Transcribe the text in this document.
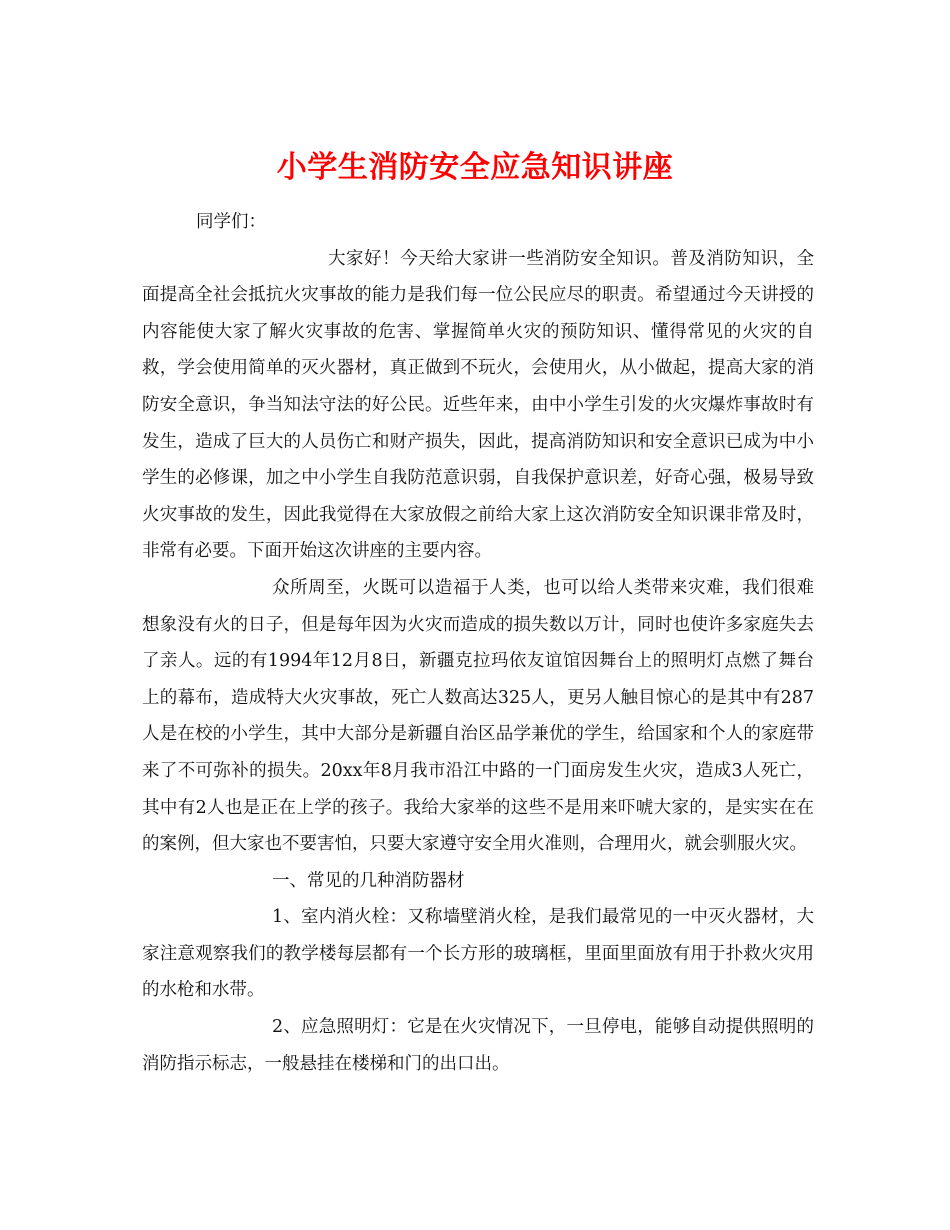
小学生消防安全应急知识讲座

同学们：

大家好！今天给大家讲一些消防安全知识。普及消防知识，全面提高全社会抵抗火灾事故的能力是我们每一位公民应尽的职责。希望通过今天讲授的内容能使大家了解火灾事故的危害、掌握简单火灾的预防知识、懂得常见的火灾的自救，学会使用简单的灭火器材，真正做到不玩火，会使用火，从小做起，提高大家的消防安全意识，争当知法守法的好公民。近些年来，由中小学生引发的火灾爆炸事故时有发生，造成了巨大的人员伤亡和财产损失，因此，提高消防知识和安全意识已成为中小学生的必修课，加之中小学生自我防范意识弱，自我保护意识差，好奇心强，极易导致火灾事故的发生，因此我觉得在大家放假之前给大家上这次消防安全知识课非常及时，非常有必要。下面开始这次讲座的主要内容。

众所周至，火既可以造福于人类，也可以给人类带来灾难，我们很难想象没有火的日子，但是每年因为火灾而造成的损失数以万计，同时也使许多家庭失去了亲人。远的有1994年12月8日，新疆克拉玛依友谊馆因舞台上的照明灯点燃了舞台上的幕布，造成特大火灾事故，死亡人数高达325人，更另人触目惊心的是其中有287人是在校的小学生，其中大部分是新疆自治区品学兼优的学生，给国家和个人的家庭带来了不可弥补的损失。20xx年8月我市沿江中路的一门面房发生火灾，造成3人死亡，其中有2人也是正在上学的孩子。我给大家举的这些不是用来吓唬大家的，是实实在在的案例，但大家也不要害怕，只要大家遵守安全用火准则，合理用火，就会驯服火灾。

一、常见的几种消防器材

1、室内消火栓：又称墙壁消火栓，是我们最常见的一中灭火器材，大家注意观察我们的教学楼每层都有一个长方形的玻璃框，里面里面放有用于扑救火灾用的水枪和水带。

2、应急照明灯：它是在火灾情况下，一旦停电，能够自动提供照明的消防指示标志，一般悬挂在楼梯和门的出口出。
